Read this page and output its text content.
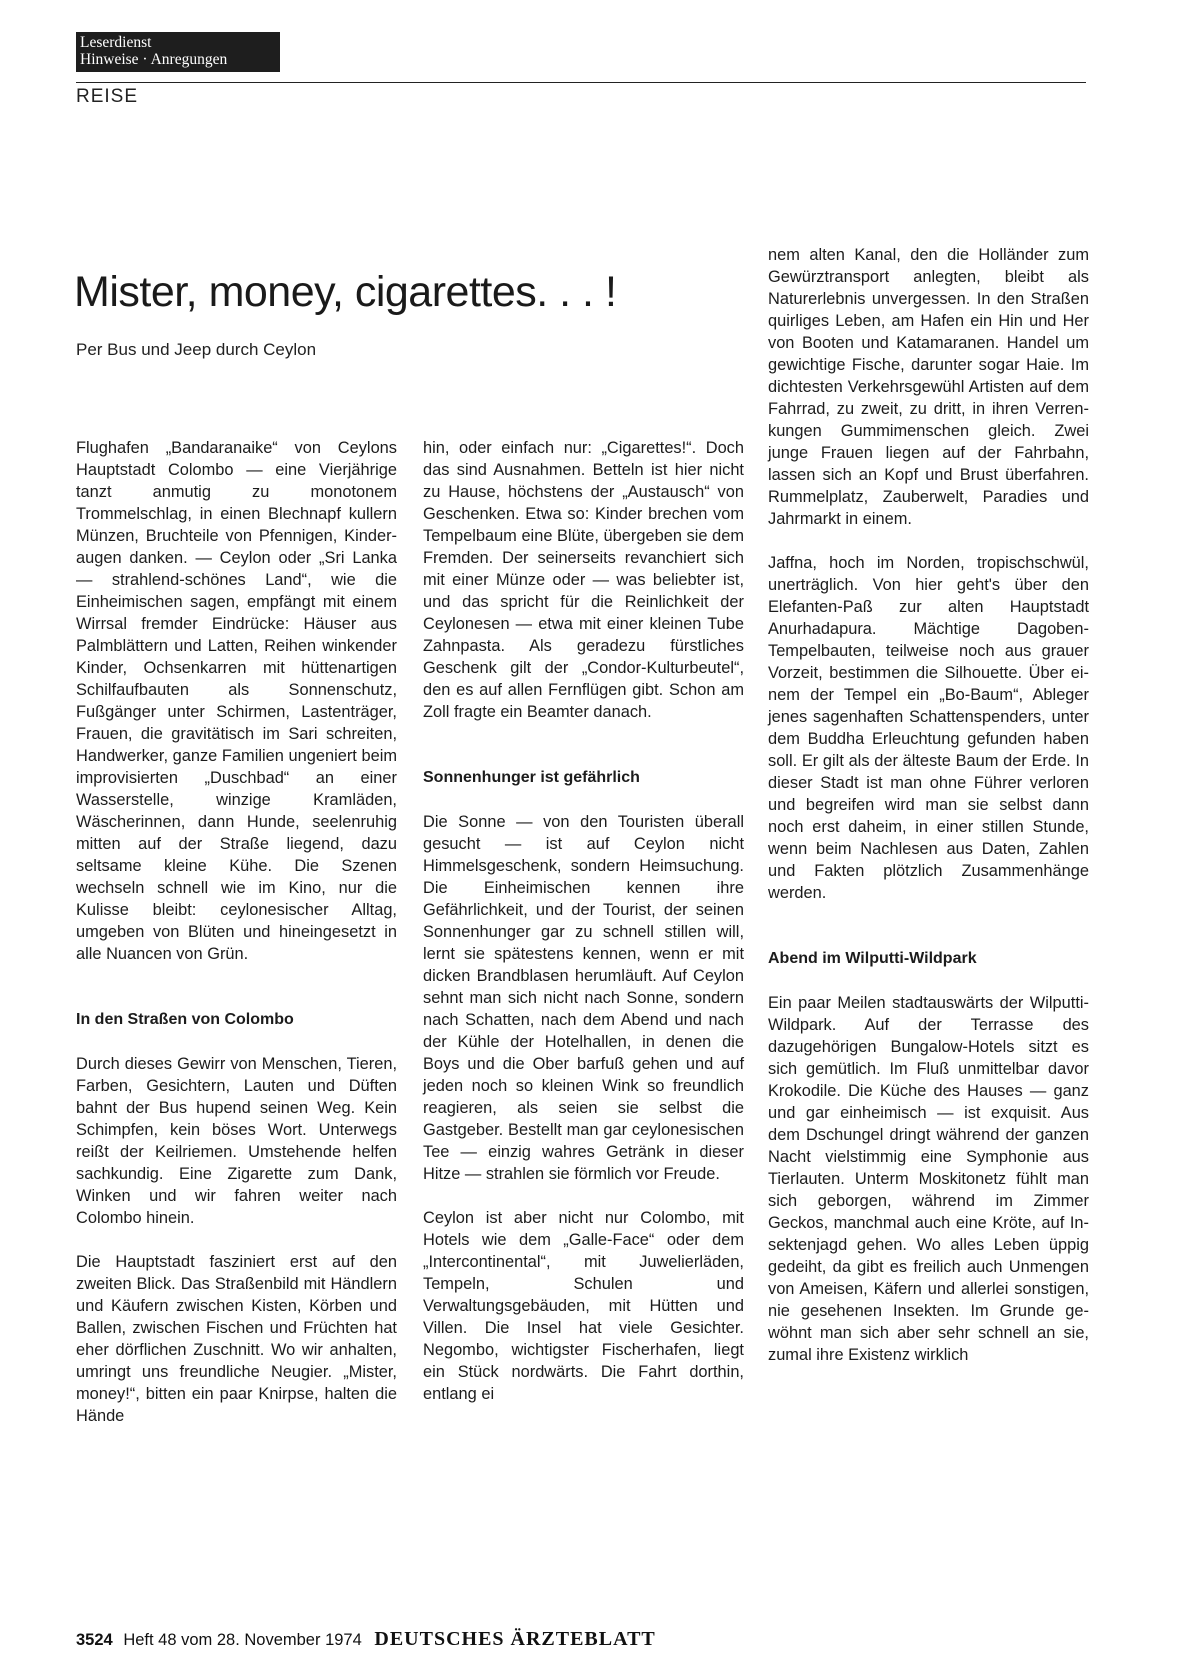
Leserdienst
Hinweise · Anregungen
REISE
Mister, money, cigarettes. . . !
Per Bus und Jeep durch Ceylon

Flughafen „Bandaranaike“ von Ceylons Hauptstadt Colombo — eine Vierjährige tanzt anmutig zu monotonem Trommelschlag, in einen Blechnapf kullern Münzen, Bruchteile von Pfennigen, Kinderaugen danken. — Ceylon oder „Sri Lanka — strahlend-schönes Land“, wie die Einheimischen sagen, empfängt mit einem Wirrsal fremder Eindrücke: Häuser aus Palmblättern und Latten, Reihen winkender Kinder, Ochsenkarren mit hüttenartigen Schilfaufbauten als Sonnenschutz, Fußgänger unter Schirmen, Lastenträger, Frauen, die gravitätisch im Sari schreiten, Handwerker, ganze Familien ungeniert beim improvisierten „Duschbad“ an einer Wasserstelle, winzige Kramläden, Wäscherinnen, dann Hunde, seelenruhig mitten auf der Straße liegend, dazu seltsame kleine Kühe. Die Szenen wechseln schnell wie im Kino, nur die Kulisse bleibt: ceylonesischer Alltag, umgeben von Blüten und hineingesetzt in alle Nuancen von Grün.

In den Straßen von Colombo

Durch dieses Gewirr von Menschen, Tieren, Farben, Gesichtern, Lauten und Düften bahnt der Bus hupend seinen Weg. Kein Schimpfen, kein böses Wort. Unterwegs reißt der Keilriemen. Umstehende helfen sachkundig. Eine Zigarette zum Dank, Winken und wir fahren weiter nach Colombo hinein.

Die Hauptstadt fasziniert erst auf den zweiten Blick. Das Straßenbild mit Händlern und Käufern zwischen Kisten, Körben und Ballen, zwischen Fischen und Früchten hat eher dörflichen Zuschnitt. Wo wir anhalten, umringt uns freundliche Neugier. „Mister, money!“, bitten ein paar Knirpse, halten die Hände

hin, oder einfach nur: „Cigarettes!“. Doch das sind Ausnahmen. Betteln ist hier nicht zu Hause, höchstens der „Austausch“ von Geschenken. Etwa so: Kinder brechen vom Tempelbaum eine Blüte, übergeben sie dem Fremden. Der seinerseits revanchiert sich mit einer Münze oder — was beliebter ist, und das spricht für die Reinlichkeit der Ceylonesen — etwa mit einer kleinen Tube Zahnpasta. Als geradezu fürstliches Geschenk gilt der „Condor-Kulturbeutel“, den es auf allen Fernflügen gibt. Schon am Zoll fragte ein Beamter danach.

Sonnenhunger ist gefährlich

Die Sonne — von den Touristen überall gesucht — ist auf Ceylon nicht Himmelsgeschenk, sondern Heimsuchung. Die Einheimischen kennen ihre Gefährlichkeit, und der Tourist, der seinen Sonnenhunger gar zu schnell stillen will, lernt sie spätestens kennen, wenn er mit dicken Brandblasen herumläuft. Auf Ceylon sehnt man sich nicht nach Sonne, sondern nach Schatten, nach dem Abend und nach der Kühle der Hotelhallen, in denen die Boys und die Ober barfuß gehen und auf jeden noch so kleinen Wink so freundlich reagieren, als seien sie selbst die Gastgeber. Bestellt man gar ceylonesischen Tee — einzig wahres Getränk in dieser Hitze — strahlen sie förmlich vor Freude.

Ceylon ist aber nicht nur Colombo, mit Hotels wie dem „Galle-Face“ oder dem „Intercontinental“, mit Juwelierläden, Tempeln, Schulen und Verwaltungsgebäuden, mit Hütten und Villen. Die Insel hat viele Gesichter. Negombo, wichtigster Fischerhafen, liegt ein Stück nordwärts. Die Fahrt dorthin, entlang ei

nem alten Kanal, den die Holländer zum Gewürztransport anlegten, bleibt als Naturerlebnis unvergessen. In den Straßen quirliges Leben, am Hafen ein Hin und Her von Booten und Katamaranen. Handel um gewichtige Fische, darunter sogar Haie. Im dichtesten Verkehrsgewühl Artisten auf dem Fahrrad, zu zweit, zu dritt, in ihren Verrenkungen Gummimenschen gleich. Zwei junge Frauen liegen auf der Fahrbahn, lassen sich an Kopf und Brust überfahren. Rummelplatz, Zauberwelt, Paradies und Jahrmarkt in einem.

Jaffna, hoch im Norden, tropischschwül, unerträglich. Von hier geht's über den Elefanten-Paß zur alten Hauptstadt Anurhadapura. Mächtige Dagoben-Tempelbauten, teilweise noch aus grauer Vorzeit, bestimmen die Silhouette. Über einem der Tempel ein „Bo-Baum“, Ableger jenes sagenhaften Schattenspenders, unter dem Buddha Erleuchtung gefunden haben soll. Er gilt als der älteste Baum der Erde. In dieser Stadt ist man ohne Führer verloren und begreifen wird man sie selbst dann noch erst daheim, in einer stillen Stunde, wenn beim Nachlesen aus Daten, Zahlen und Fakten plötzlich Zusammenhänge werden.

Abend im Wilputti-Wildpark

Ein paar Meilen stadtauswärts der Wilputti-Wildpark. Auf der Terrasse des dazugehörigen Bungalow-Hotels sitzt es sich gemütlich. Im Fluß unmittelbar davor Krokodile. Die Küche des Hauses — ganz und gar einheimisch — ist exquisit. Aus dem Dschungel dringt während der ganzen Nacht vielstimmig eine Symphonie aus Tierlauten. Unterm Moskitonetz fühlt man sich geborgen, während im Zimmer Geckos, manchmal auch eine Kröte, auf Insektenjagd gehen. Wo alles Leben üppig gedeiht, da gibt es freilich auch Unmengen von Ameisen, Käfern und allerlei sonstigen, nie gesehenen Insekten. Im Grunde gewöhnt man sich aber sehr schnell an sie, zumal ihre Existenz wirklich

3524 Heft 48 vom 28. November 1974 DEUTSCHES ÄRZTEBLATT
